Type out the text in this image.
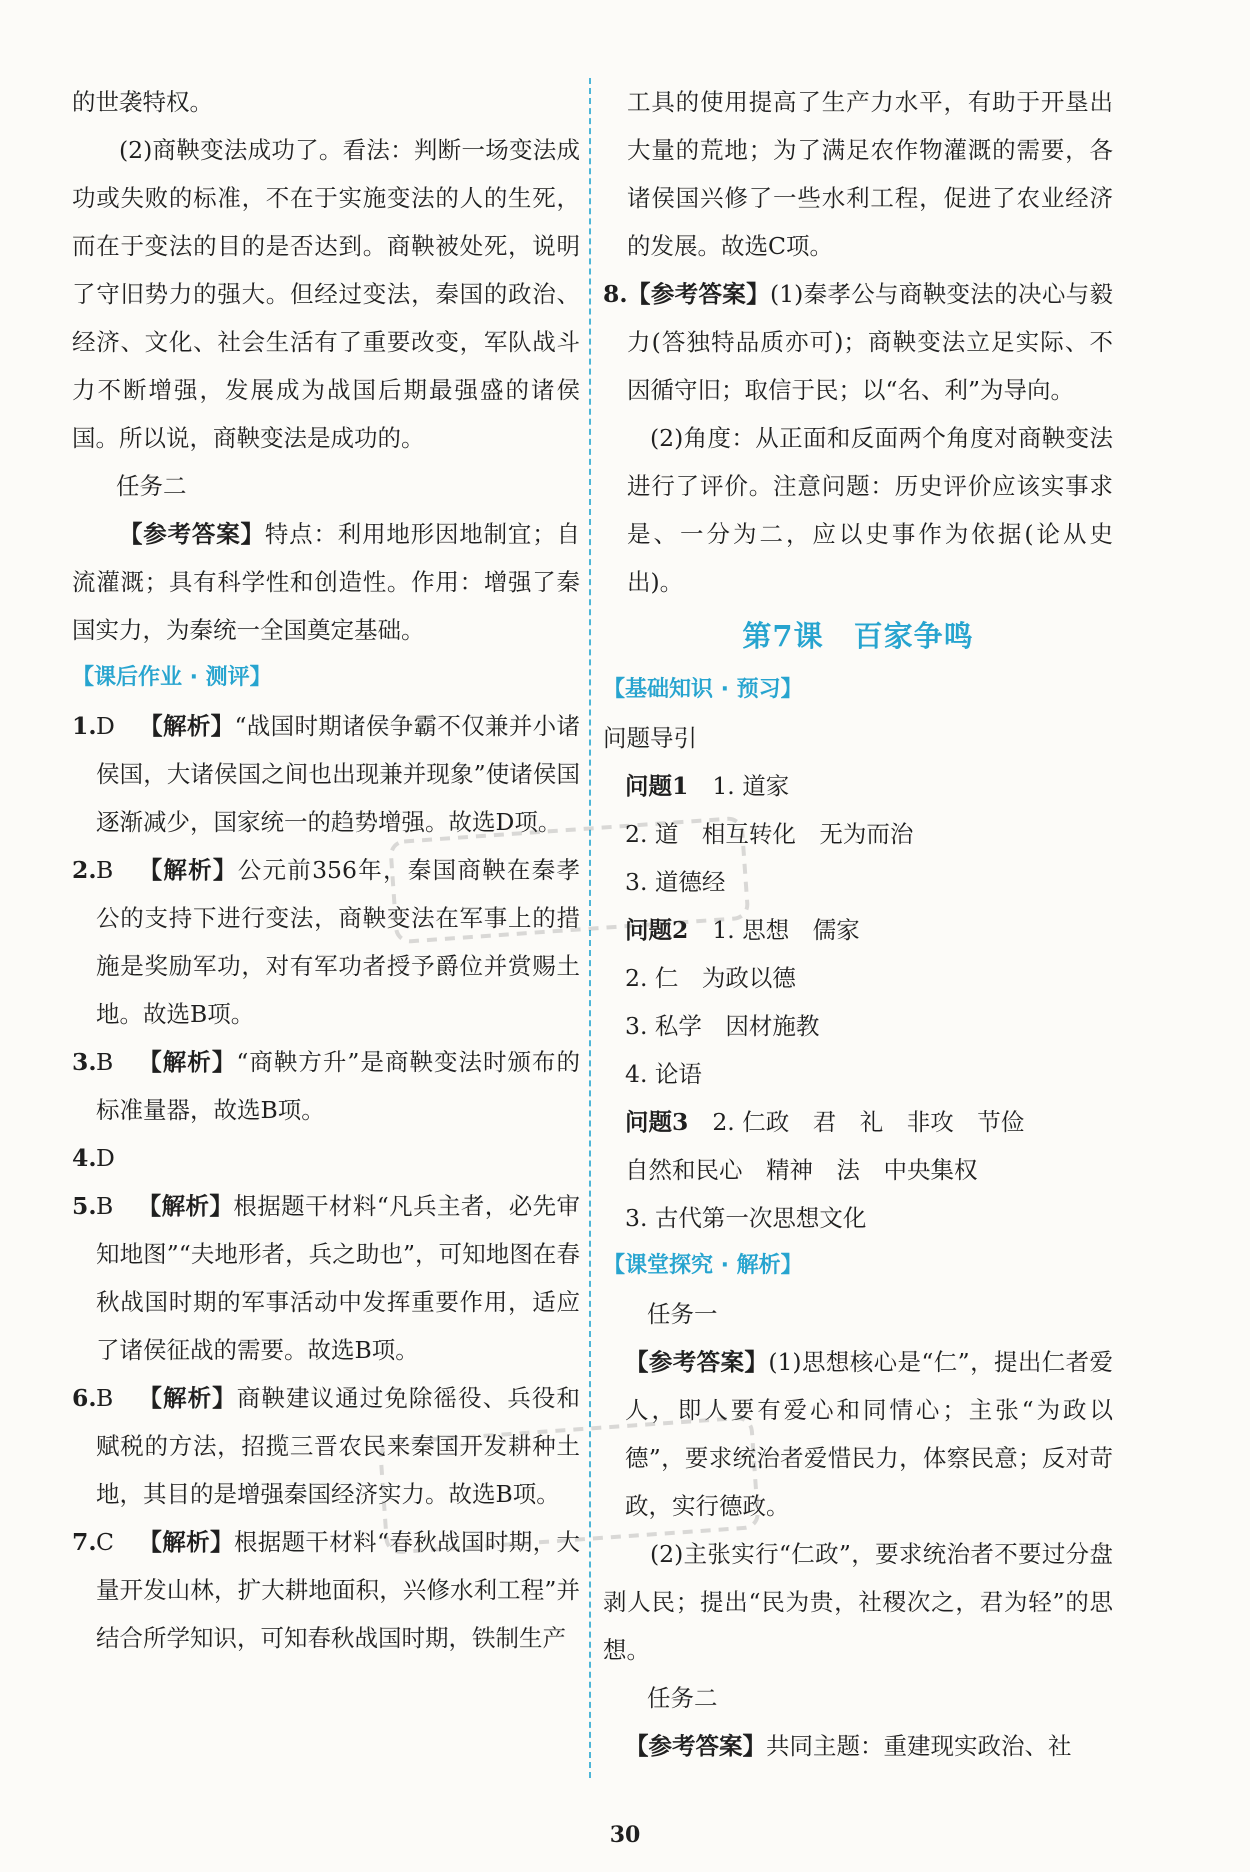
的世袭特权。

(2)商鞅变法成功了。看法：判断一场变法成功或失败的标准，不在于实施变法的人的生死，而在于变法的目的是否达到。商鞅被处死，说明了守旧势力的强大。但经过变法，秦国的政治、经济、文化、社会生活有了重要改变，军队战斗力不断增强，发展成为战国后期最强盛的诸侯国。所以说，商鞅变法是成功的。

任务二

【参考答案】特点：利用地形因地制宜；自流灌溉；具有科学性和创造性。作用：增强了秦国实力，为秦统一全国奠定基础。

【课后作业 · 测评】
1. D 【解析】“战国时期诸侯争霸不仅兼并小诸侯国，大诸侯国之间也出现兼并现象”使诸侯国逐渐减少，国家统一的趋势增强。故选D项。
2. B 【解析】公元前356年，秦国商鞅在秦孝公的支持下进行变法，商鞅变法在军事上的措施是奖励军功，对有军功者授予爵位并赏赐土地。故选B项。
3. B 【解析】“商鞅方升”是商鞅变法时颁布的标准量器，故选B项。
4. D
5. B 【解析】根据题干材料“凡兵主者，必先审知地图”“夫地形者，兵之助也”，可知地图在春秋战国时期的军事活动中发挥重要作用，适应了诸侯征战的需要。故选B项。
6. B 【解析】商鞅建议通过免除徭役、兵役和赋税的方法，招揽三晋农民来秦国开发耕种土地，其目的是增强秦国经济实力。故选B项。
7. C 【解析】根据题干材料“春秋战国时期，大量开发山林，扩大耕地面积，兴修水利工程”并结合所学知识，可知春秋战国时期，铁制生产
工具的使用提高了生产力水平，有助于开垦出大量的荒地；为了满足农作物灌溉的需要，各诸侯国兴修了一些水利工程，促进了农业经济的发展。故选C项。
8. 【参考答案】(1)秦孝公与商鞅变法的决心与毅力(答独特品质亦可)；商鞅变法立足实际、不因循守旧；取信于民；以“名、利”为导向。
(2)角度：从正面和反面两个角度对商鞅变法进行了评价。注意问题：历史评价应该实事求是、一分为二，应以史事作为依据(论从史出)。
第7课　百家争鸣
【基础知识 · 预习】
问题导引
问题1 1. 道家
2. 道　相互转化　无为而治
3. 道德经
问题2 1. 思想　儒家
2. 仁　为政以德
3. 私学　因材施教
4. 论语
问题3 2. 仁政　君　礼　非攻　节俭
自然和民心　精神　法　中央集权
3. 古代第一次思想文化
【课堂探究 · 解析】
任务一

【参考答案】(1)思想核心是“仁”，提出仁者爱人，即人要有爱心和同情心；主张“为政以德”，要求统治者爱惜民力，体察民意；反对苛政，实行德政。

(2)主张实行“仁政”，要求统治者不要过分盘剥人民；提出“民为贵，社稷次之，君为轻”的思想。

任务二

【参考答案】共同主题：重建现实政治、社

30
